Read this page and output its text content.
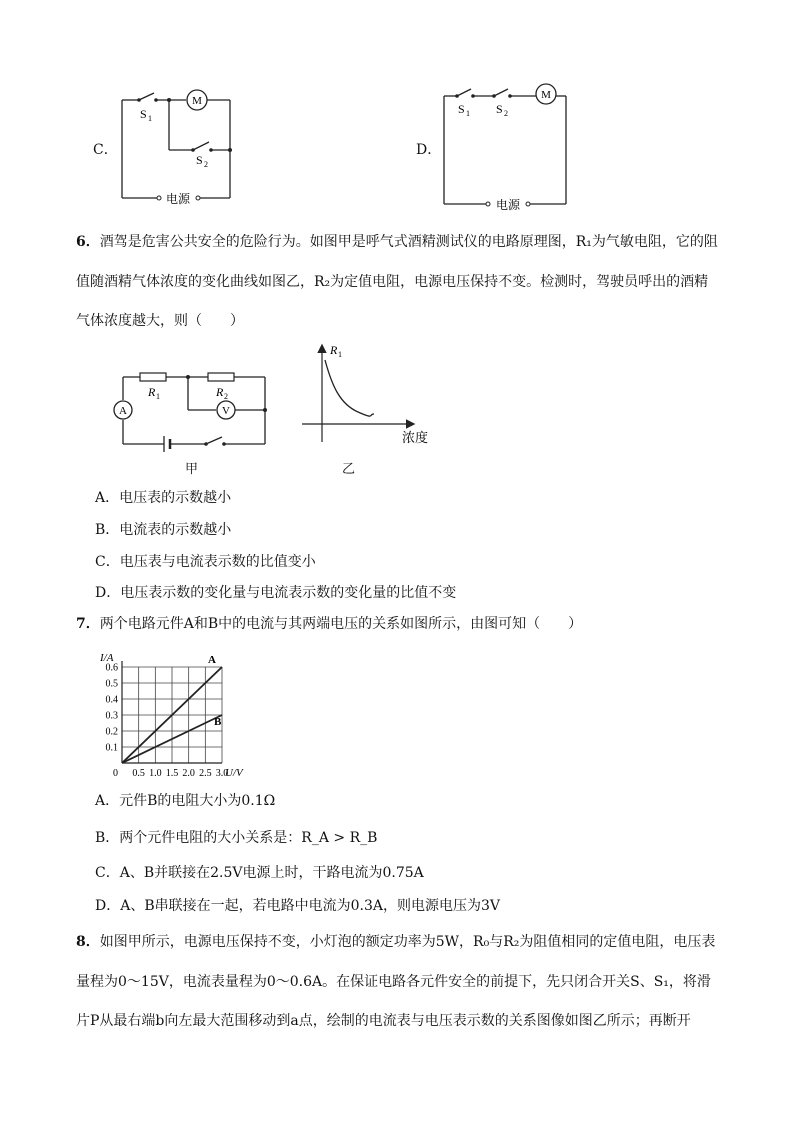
C．
M
S 1
S 2
电源
D．
M
S 1 S 2
电源
6．酒驾是危害公共安全的危险行为。如图甲是呼气式酒精测试仪的电路原理图，R₁为气敏电阻，它的阻
值随酒精气体浓度的变化曲线如图乙，R₂为定值电阻，电源电压保持不变。检测时，驾驶员呼出的酒精
气体浓度越大，则（　　）
A
R 1	R 2
V
甲
R 1
浓度
乙
A．电压表的示数越小
B．电流表的示数越小
C．电压表与电流表示数的比值变小
D．电压表示数的变化量与电流表示数的变化量的比值不变
7．两个电路元件A和B中的电流与其两端电压的关系如图所示，由图可知（　　）
0.5 1.0 1.5 2.0 2.5 3.0
0.1
0.2
0.3
0.4
0.5
0.6
0
I/A
U/V
A
B
A．元件B的电阻大小为0.1Ω
B．两个元件电阻的大小关系是：R_A > R_B
C．A、B并联接在2.5V电源上时，干路电流为0.75A
D．A、B串联接在一起，若电路中电流为0.3A，则电源电压为3V
8．如图甲所示，电源电压保持不变，小灯泡的额定功率为5W，R₀与R₂为阻值相同的定值电阻，电压表
量程为0～15V，电流表量程为0～0.6A。在保证电路各元件安全的前提下，先只闭合开关S、S₁，将滑
片P从最右端b向左最大范围移动到a点，绘制的电流表与电压表示数的关系图像如图乙所示；再断开
